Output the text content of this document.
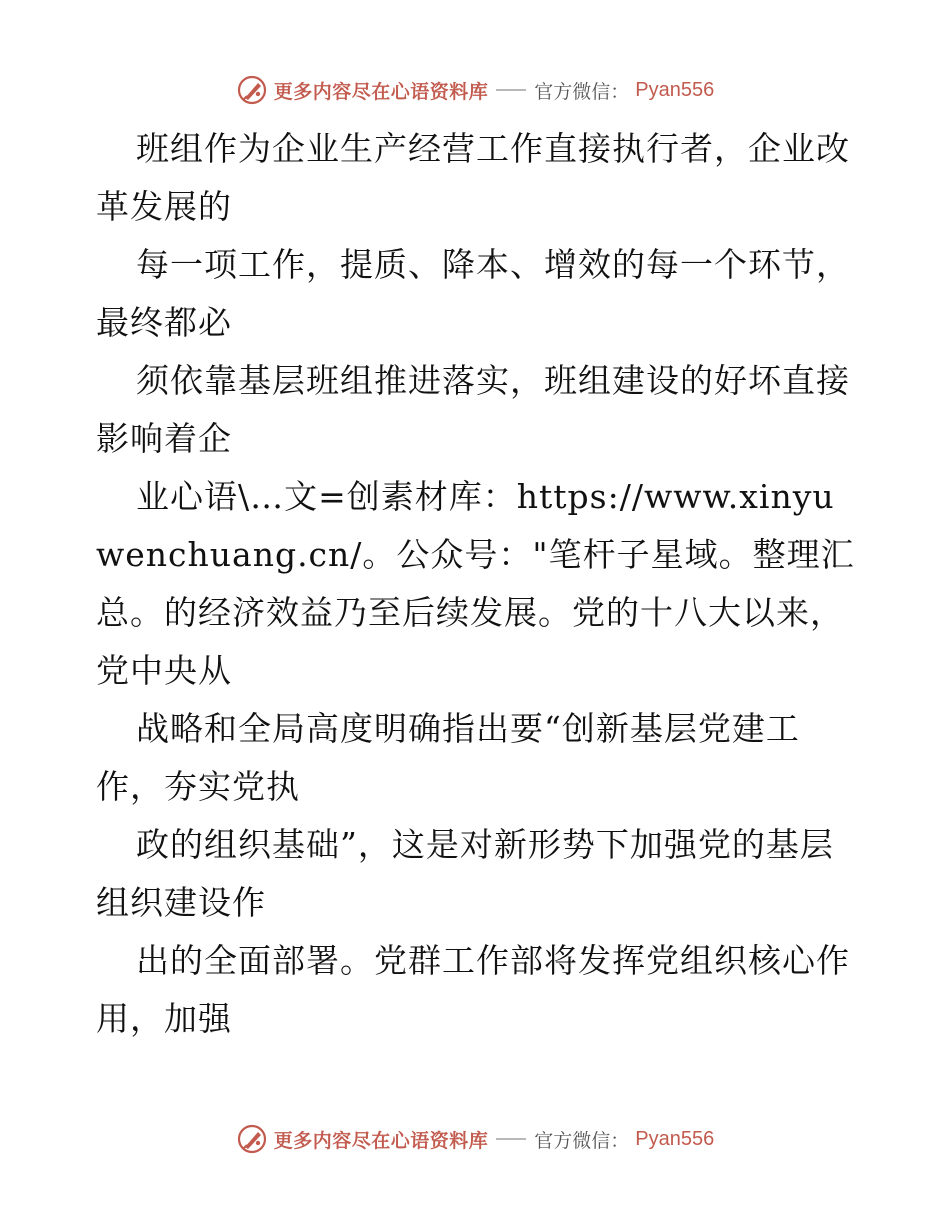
更多内容尽在心语资料库 官方微信： Pyan556

班组作为企业生产经营工作直接执行者，企业改革发展的

每一项工作，提质、降本、增效的每一个环节，最终都必

须依靠基层班组推进落实，班组建设的好坏直接影响着企

业心语\…文=创素材库：https://www.xinyuwenchuang.cn/。公众号："笔杆子星域。整理汇总。的经济效益乃至后续发展。党的十八大以来，党中央从

战略和全局高度明确指出要“创新基层党建工作，夯实党执

政的组织基础”，这是对新形势下加强党的基层组织建设作

出的全面部署。党群工作部将发挥党组织核心作用，加强

更多内容尽在心语资料库 官方微信： Pyan556
